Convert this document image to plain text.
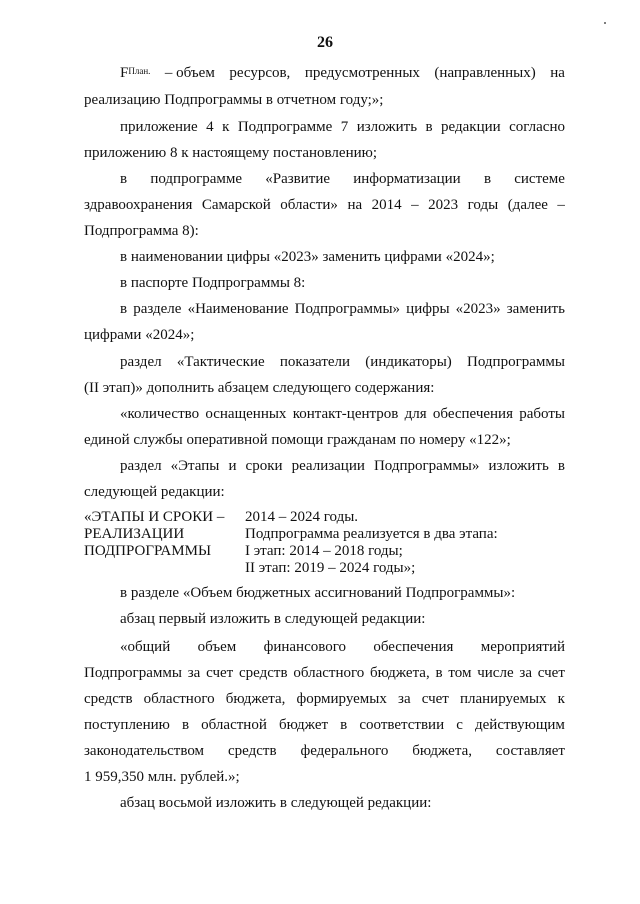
26
$F^{План.}$ – объем ресурсов, предусмотренных (направленных) на
реализацию Подпрограммы в отчетном году;»;
приложение 4 к Подпрограмме 7 изложить в редакции согласно
приложению 8 к настоящему постановлению;
в подпрограмме «Развитие информатизации в системе
здравоохранения Самарской области» на 2014 – 2023 годы (далее –
Подпрограмма 8):
в наименовании цифры «2023» заменить цифрами «2024»;
в паспорте Подпрограммы 8:
в разделе «Наименование Подпрограммы» цифры «2023» заменить
цифрами «2024»;
раздел «Тактические показатели (индикаторы) Подпрограммы
(II этап)» дополнить абзацем следующего содержания:
«количество оснащенных контакт-центров для обеспечения работы
единой службы оперативной помощи гражданам по номеру «122»;
раздел «Этапы и сроки реализации Подпрограммы» изложить в
следующей редакции:
«ЭТАПЫ И СРОКИ –
РЕАЛИЗАЦИИ
ПОДПРОГРАММЫ
2014 – 2024 годы.
Подпрограмма реализуется в два этапа:
I этап: 2014 – 2018 годы;
II этап: 2019 – 2024 годы»;
в разделе «Объем бюджетных ассигнований Подпрограммы»:
абзац первый изложить в следующей редакции:
«общий объем финансового обеспечения мероприятий
Подпрограммы за счет средств областного бюджета, в том числе за счет
средств областного бюджета, формируемых за счет планируемых к
поступлению в областной бюджет в соответствии с действующим
законодательством средств федерального бюджета, составляет
1 959,350 млн. рублей.»;
абзац восьмой изложить в следующей редакции:
